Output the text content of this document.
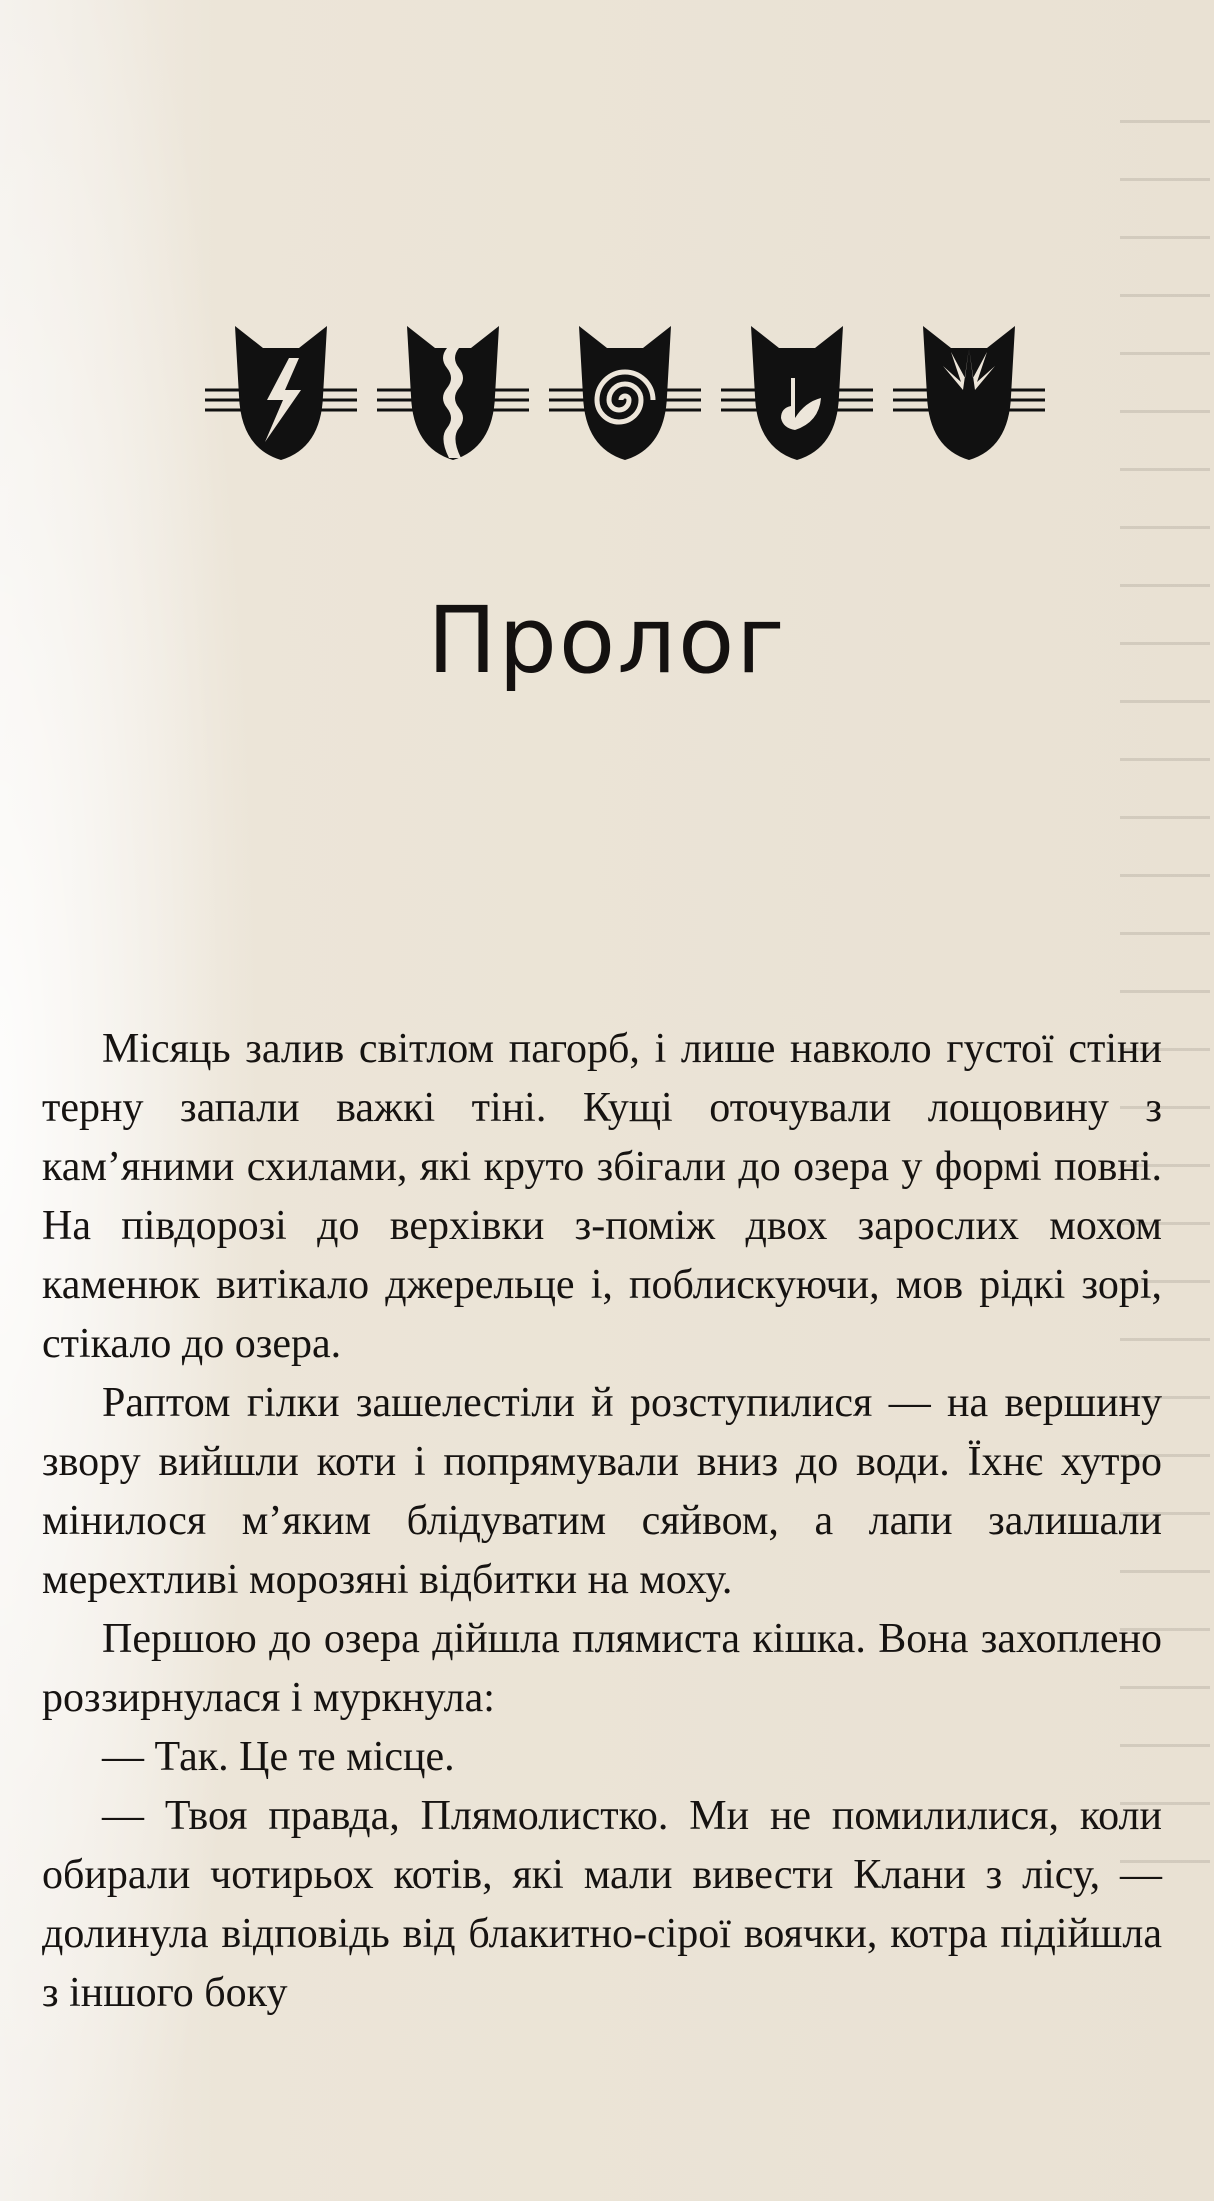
Пролог

Місяць залив світлом пагорб, і лише навколо густої стіни терну запали важкі тіні. Кущі оточували лощовину з кам’яними схилами, які круто збігали до озера у формі повні. На півдорозі до верхівки з-поміж двох зарослих мохом каменюк витікало джерельце і, поблискуючи, мов рідкі зорі, стікало до озера.

Раптом гілки зашелестіли й розступилися — на вершину звору вийшли коти і попрямували вниз до води. Їхнє хутро мінилося м’яким блідуватим сяйвом, а лапи залишали мерехтливі морозяні відбитки на моху.

Першою до озера дійшла плямиста кішка. Вона захоплено роззирнулася і муркнула:

— Так. Це те місце.

— Твоя правда, Плямолистко. Ми не помилилися, коли обирали чотирьох котів, які мали вивести Клани з лісу, — долинула відповідь від блакитно-сірої воячки, котра підійшла з іншого боку
